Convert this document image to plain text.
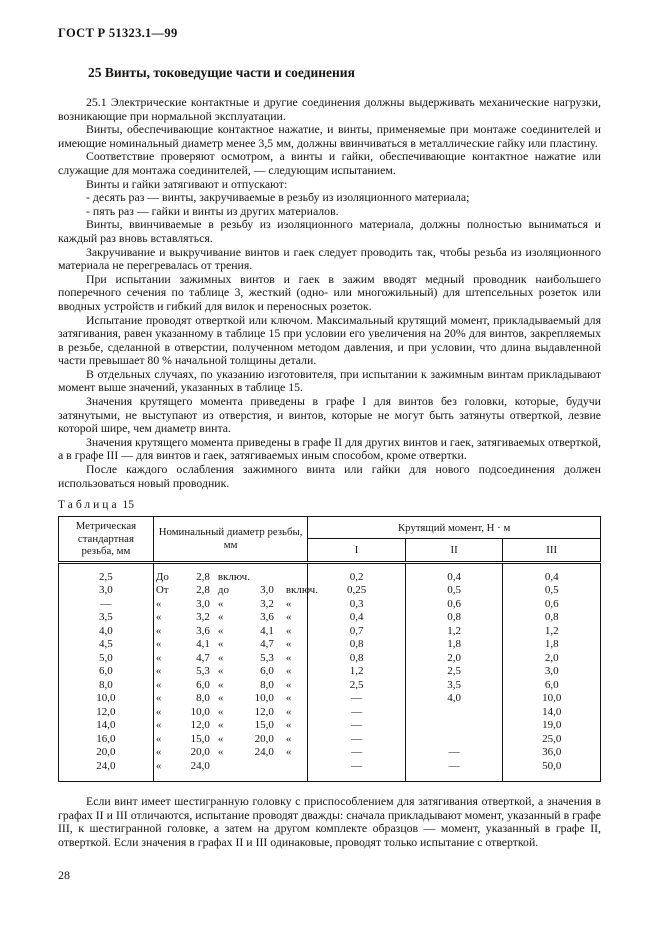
ГОСТ Р 51323.1—99
25 Винты, токоведущие части и соединения

25.1 Электрические контактные и другие соединения должны выдерживать механические нагрузки, возникающие при нормальной эксплуатации.

Винты, обеспечивающие контактное нажатие, и винты, применяемые при монтаже соединителей и имеющие номинальный диаметр менее 3,5 мм, должны ввинчиваться в металлические гайку или пластину.

Соответствие проверяют осмотром, а винты и гайки, обеспечивающие контактное нажатие или служащие для монтажа соединителей, — следующим испытанием.

Винты и гайки затягивают и отпускают:

- десять раз — винты, закручиваемые в резьбу из изоляционного материала;

- пять раз — гайки и винты из других материалов.

Винты, ввинчиваемые в резьбу из изоляционного материала, должны полностью выниматься и каждый раз вновь вставляться.

Закручивание и выкручивание винтов и гаек следует проводить так, чтобы резьба из изоляционного материала не перегревалась от трения.

При испытании зажимных винтов и гаек в зажим вводят медный проводник наибольшего поперечного сечения по таблице 3, жесткий (одно- или многожильный) для штепсельных розеток или вводных устройств и гибкий для вилок и переносных розеток.

Испытание проводят отверткой или ключом. Максимальный крутящий момент, прикладываемый для затягивания, равен указанному в таблице 15 при условии его увеличения на 20% для винтов, закрепляемых в резьбе, сделанной в отверстии, полученном методом давления, и при условии, что длина выдавленной части превышает 80 % начальной толщины детали.

В отдельных случаях, по указанию изготовителя, при испытании к зажимным винтам прикладывают момент выше значений, указанных в таблице 15.

Значения крутящего момента приведены в графе I для винтов без головки, которые, будучи затянутыми, не выступают из отверстия, и винтов, которые не могут быть затянуты отверткой, лезвие которой шире, чем диаметр винта.

Значения крутящего момента приведены в графе II для других винтов и гаек, затягиваемых отверткой, а в графе III — для винтов и гаек, затягиваемых иным способом, кроме отвертки.

После каждого ослабления зажимного винта или гайки для нового подсоединения должен использоваться новый проводник.

Таблица 15
Метрическая стандартная резьба, мм	Номинальный диаметр резьбы, мм	Крутящий момент, Н · м		
		I	II	III
2,5	До 2,8 включ.	0,2	0,4	0,4
3,0	От 2,8 до 3,0 включ.	0,25	0,5	0,5
—	« 3,0 « 3,2 «	0,3	0,6	0,6
3,5	« 3,2 « 3,6 «	0,4	0,8	0,8
4,0	« 3,6 « 4,1 «	0,7	1,2	1,2
4,5	« 4,1 « 4,7 «	0,8	1,8	1,8
5,0	« 4,7 « 5,3 «	0,8	2,0	2,0
6,0	« 5,3 « 6,0 «	1,2	2,5	3,0
8,0	« 6,0 « 8,0 «	2,5	3,5	6,0
10,0	« 8,0 « 10,0 «	—	4,0	10,0
12,0	« 10,0 « 12,0 «	—		14,0
14,0	« 12,0 « 15,0 «	—		19,0
16,0	« 15,0 « 20,0 «	—		25,0
20,0	« 20,0 « 24,0 «	—	—	36,0
24,0	« 24,0	—	—	50,0

Если винт имеет шестигранную головку с приспособлением для затягивания отверткой, а значения в графах II и III отличаются, испытание проводят дважды: сначала прикладывают момент, указанный в графе III, к шестигранной головке, а затем на другом комплекте образцов — момент, указанный в графе II, отверткой. Если значения в графах II и III одинаковые, проводят только испытание с отверткой.

28
